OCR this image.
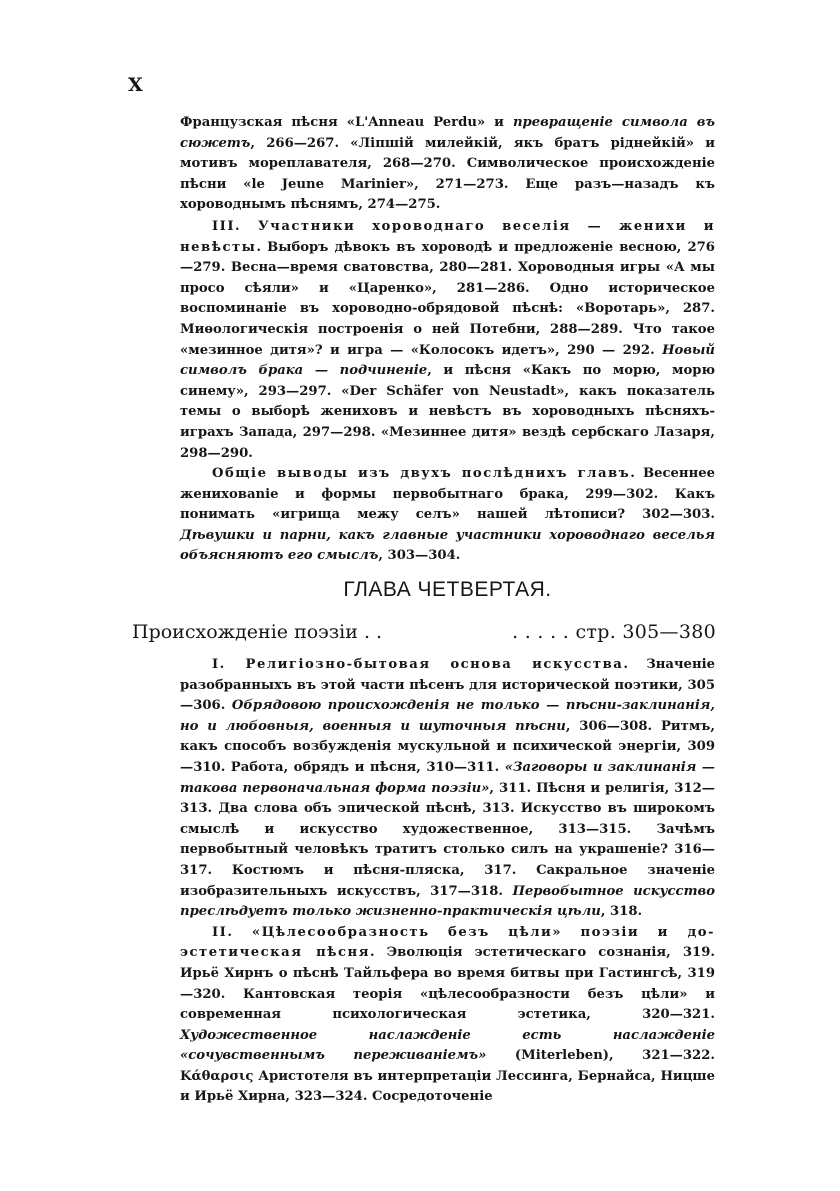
X

Французская пѣсня «L'Anneau Perdu» и превращенiе символа въ сюжетъ, 266—267. «Лiпшiй милейкiй, якъ братъ рiднейкiй» и мотивъ мореплавателя, 268—270. Символическое происхожденiе пѣсни «le Jeune Marinier», 271—273. Еще разъ—назадъ къ хороводнымъ пѣснямъ, 274—275.

III. Участники хороводнаго веселiя — женихи и невѣсты. Выборъ дѣвокъ въ хороводѣ и предложенiе весною, 276—279. Весна—время сватовства, 280—281. Хороводныя игры «А мы просо сѣяли» и «Царенко», 281—286. Одно историческое воспоминанiе въ хороводно-обрядовой пѣснѣ: «Воротарь», 287. Миѳологическiя построенiя о ней Потебни, 288—289. Что такое «мезинное дитя»? и игра — «Колосокъ идетъ», 290 — 292. Новый символъ брака — подчиненiе, и пѣсня «Какъ по морю, морю синему», 293—297. «Der Schäfer von Neustadt», какъ показатель темы о выборѣ жениховъ и невѣстъ въ хороводныхъ пѣсняхъ-играхъ Запада, 297—298. «Мезиннее дитя» вездѣ сербскаго Лазаря, 298—290.

Общiе выводы изъ двухъ послѣднихъ главъ. Весеннее жениховanie и формы первобытнаго брака, 299—302. Какъ понимать «игрища межу селъ» нашей лѣтописи? 302—303. Дѣвушки и парни, какъ главные участники хороводнаго веселья объясняютъ его смыслъ, 303—304.

ГЛАВА ЧЕТВЕРТАЯ.
Происхожденiе поэзiи . .	. . . . . стр. 305—380

I. Религiозно-бытовая основа искусства. Значенiе разобранныхъ въ этой части пѣсенъ для исторической поэтики, 305—306. Обрядовою происхожденiя не только — пѣсни-заклинанiя, но и любовныя, военныя и шуточныя пѣсни, 306—308. Ритмъ, какъ способъ возбужденiя мускульной и психической энергiи, 309—310. Работа, обрядъ и пѣсня, 310—311. «Заговоры и заклинанiя — такова первоначальная форма поэзiи», 311. Пѣсня и религiя, 312—313. Два слова объ эпической пѣснѣ, 313. Искусство въ широкомъ смыслѣ и искусство художественное, 313—315. Зачѣмъ первобытный человѣкъ тратитъ столько силъ на украшенiе? 316—317. Костюмъ и пѣсня-пляска, 317. Сакральное значенiе изобразительныхъ искусствъ, 317—318. Первобытное искусство преслѣдуетъ только жизненно-практическiя цѣли, 318.

II. «Цѣлесообразность безъ цѣли» поэзiи и до-эстетическая пѣсня. Эволюцiя эстетическаго сознанiя, 319. Ирьё Хирнъ о пѣснѣ Тайльфера во время битвы при Гастингсѣ, 319—320. Кантовская теорiя «цѣлесообразности безъ цѣли» и современная психологическая эстетика, 320—321. Художественное наслажденiе есть наслажденiе «сочувственнымъ переживанiемъ» (Miterleben), 321—322. Κάθαρσις Аристотеля въ интерпретацiи Лессинга, Бернайса, Ницше и Ирьё Хирна, 323—324. Сосредоточенiе
